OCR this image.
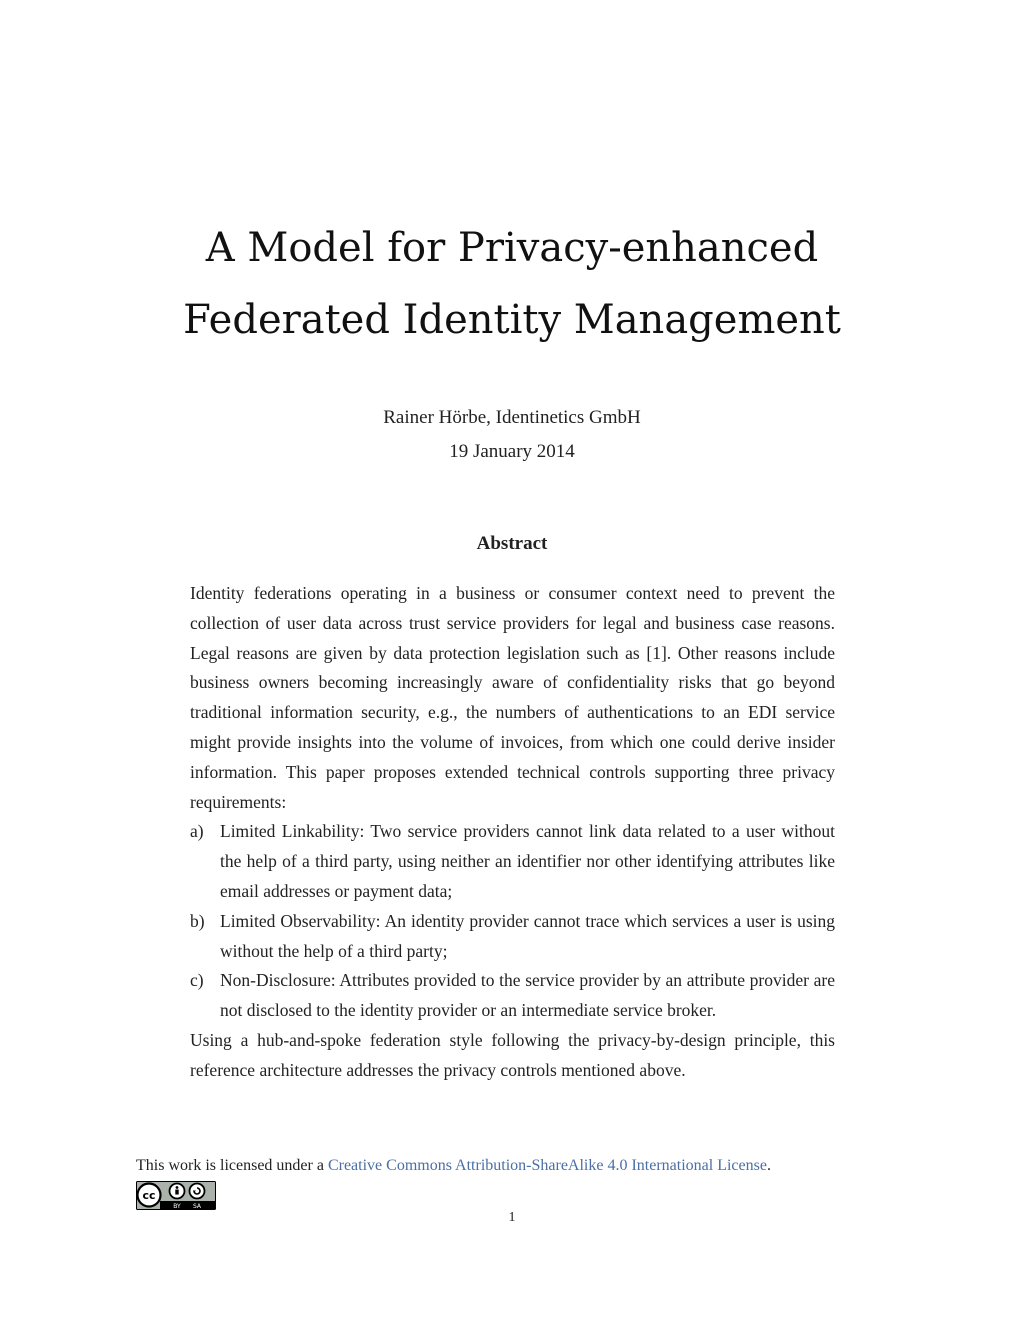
A Model for Privacy-enhanced
Federated Identity Management
Rainer Hörbe, Identinetics GmbH
19 January 2014
Abstract

Identity federations operating in a business or consumer context need to prevent the collection of user data across trust service providers for legal and business case reasons. Legal reasons are given by data protection legislation such as [1]. Other reasons include business owners becoming increasingly aware of confidentiality risks that go beyond traditional information security, e.g., the numbers of authentications to an EDI service might provide insights into the volume of invoices, from which one could derive insider information. This paper proposes extended technical controls supporting three privacy requirements:

a) Limited Linkability: Two service providers cannot link data related to a user without the help of a third party, using neither an identifier nor other identifying attributes like email addresses or payment data;
b) Limited Observability: An identity provider cannot trace which services a user is using without the help of a third party;
c) Non-Disclosure: Attributes provided to the service provider by an attribute provider are not disclosed to the identity provider or an intermediate service broker.

Using a hub-and-spoke federation style following the privacy-by-design principle, this reference architecture addresses the privacy controls mentioned above.

This work is licensed under a Creative Commons Attribution-ShareAlike 4.0 International License.
cc
BY SA
1
